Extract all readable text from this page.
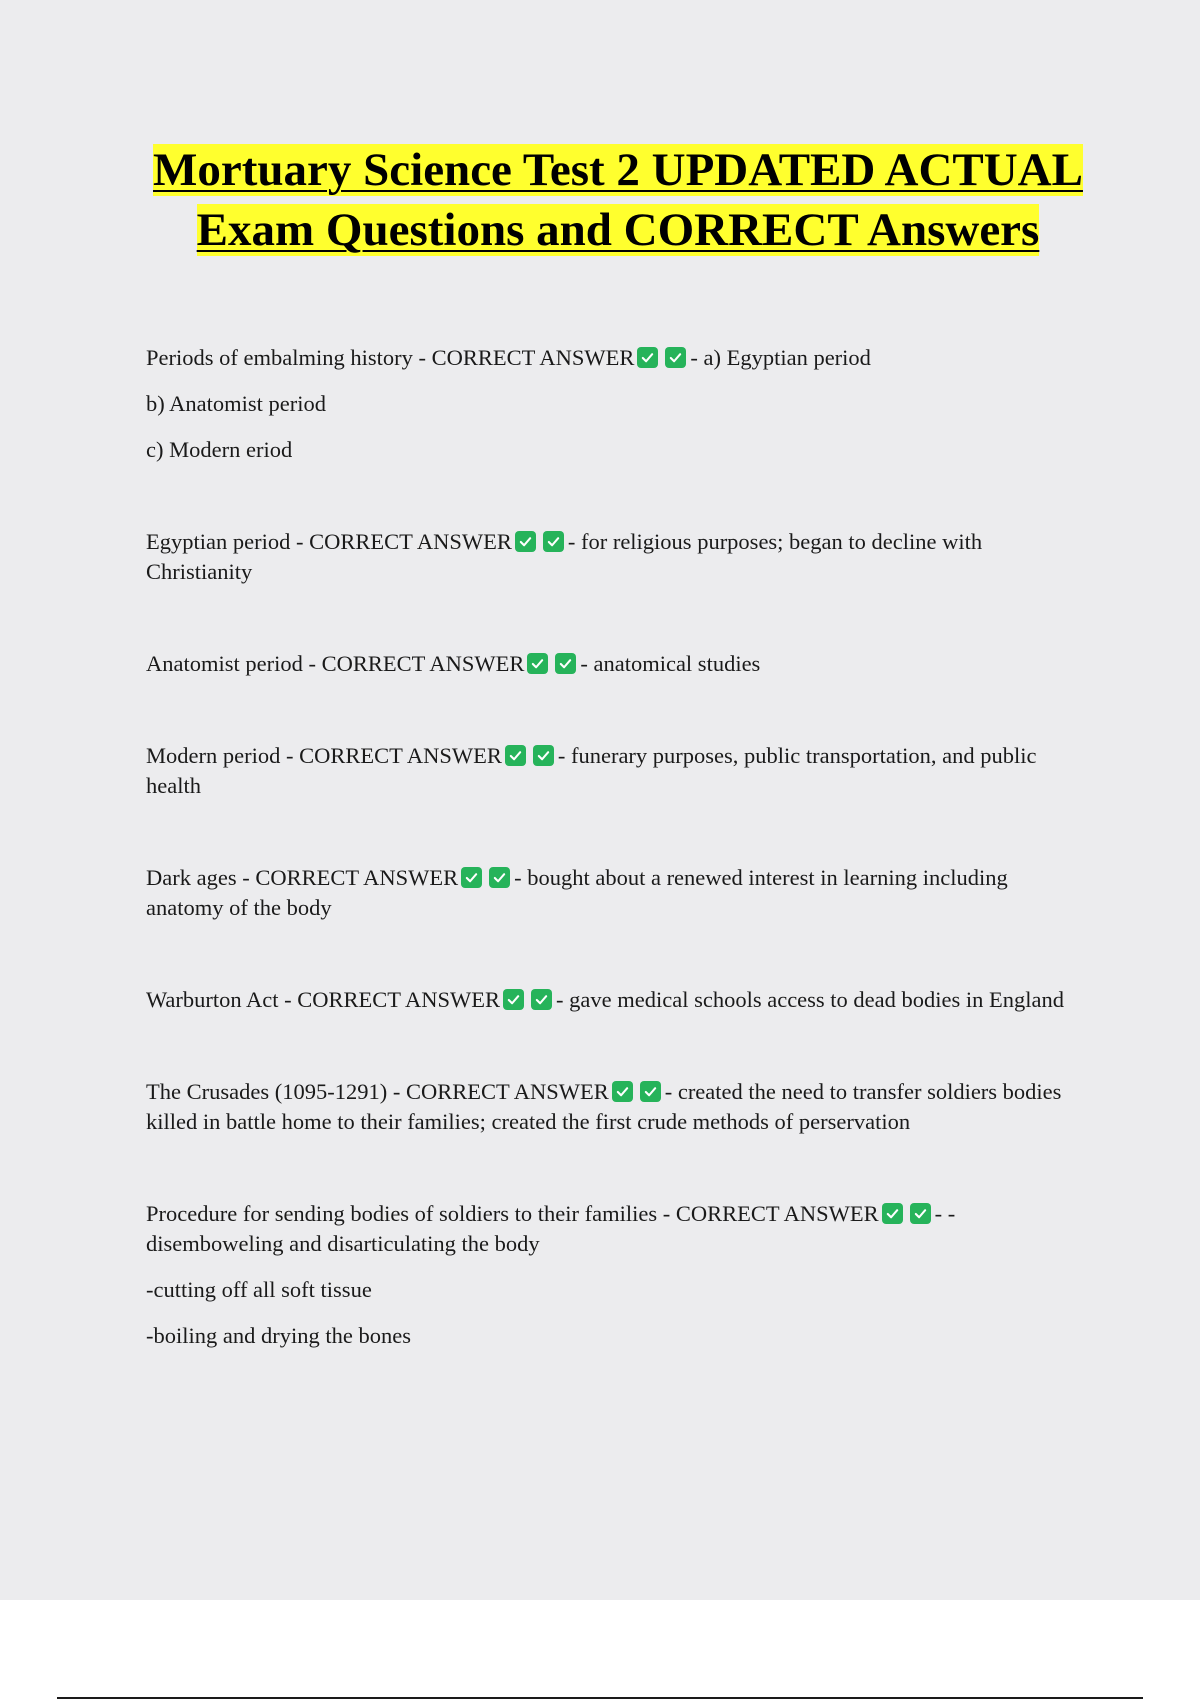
Mortuary Science Test 2 UPDATED ACTUAL Exam Questions and CORRECT Answers

Periods of embalming history - CORRECT ANSWER - a) Egyptian period

b) Anatomist period

c) Modern eriod

Egyptian period - CORRECT ANSWER - for religious purposes; began to decline with Christianity

Anatomist period - CORRECT ANSWER - anatomical studies

Modern period - CORRECT ANSWER - funerary purposes, public transportation, and public health

Dark ages - CORRECT ANSWER - bought about a renewed interest in learning including anatomy of the body

Warburton Act - CORRECT ANSWER - gave medical schools access to dead bodies in England

The Crusades (1095-1291) - CORRECT ANSWER - created the need to transfer soldiers bodies killed in battle home to their families; created the first crude methods of perservation

Procedure for sending bodies of soldiers to their families - CORRECT ANSWER - -disemboweling and disarticulating the body

-cutting off all soft tissue

-boiling and drying the bones
